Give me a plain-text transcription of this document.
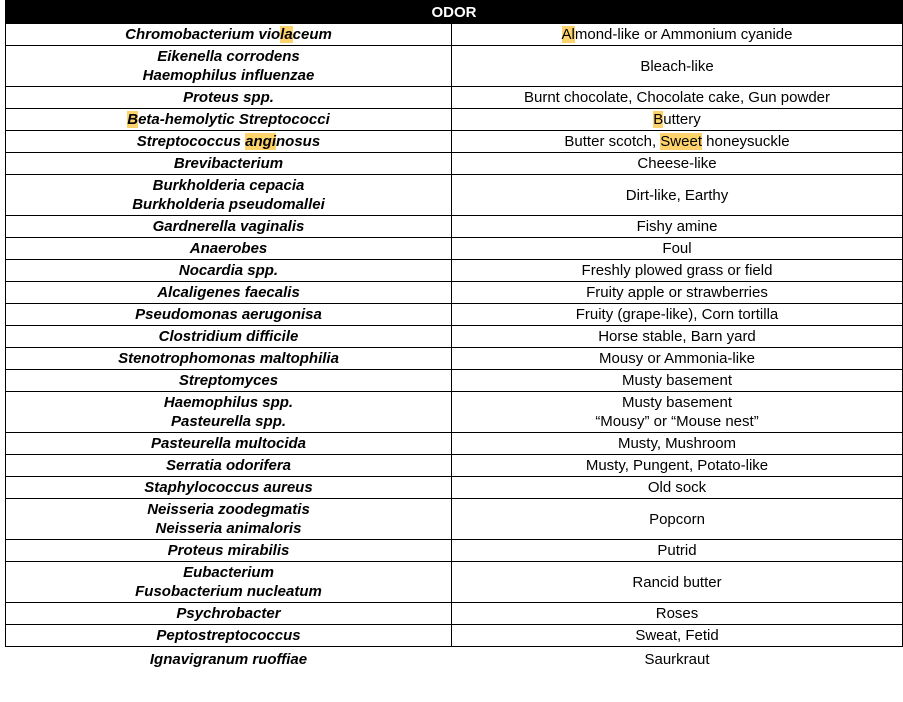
ODOR	
Chromobacterium violaceum	Almond-like or Ammonium cyanide

Eikenella corrodens
Haemophilus influenzae	Bleach-like
Proteus spp.	Burnt chocolate, Chocolate cake, Gun powder
Beta-hemolytic Streptococci	Buttery
Streptococcus anginosus	Butter scotch, Sweet honeysuckle
Brevibacterium	Cheese-like

Burkholderia cepacia
Burkholderia pseudomallei	Dirt-like, Earthy
Gardnerella vaginalis	Fishy amine
Anaerobes	Foul
Nocardia spp.	Freshly plowed grass or field
Alcaligenes faecalis	Fruity apple or strawberries
Pseudomonas aerugonisa	Fruity (grape-like), Corn tortilla
Clostridium difficile	Horse stable, Barn yard
Stenotrophomonas maltophilia	Mousy or Ammonia-like
Streptomyces	Musty basement

Haemophilus spp.
Pasteurella spp.	Musty basement
“Mousy” or “Mouse nest”

Pasteurella multocida	Musty, Mushroom
Serratia odorifera	Musty, Pungent, Potato-like
Staphylococcus aureus	Old sock

Neisseria zoodegmatis
Neisseria animaloris	Popcorn
Proteus mirabilis	Putrid

Eubacterium
Fusobacterium nucleatum	Rancid butter
Psychrobacter	Roses
Peptostreptococcus	Sweat, Fetid
Ignavigranum ruoffiae	Saurkraut
